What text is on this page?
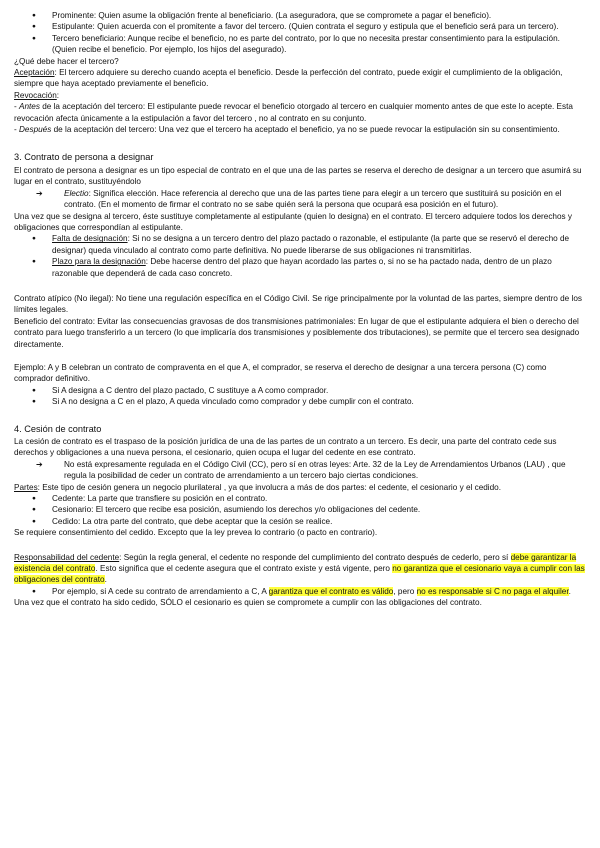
● Prominente: Quien asume la obligación frente al beneficiario. (La aseguradora, que se compromete a pagar el beneficio).

● Estipulante: Quien acuerda con el promitente a favor del tercero. (Quien contrata el seguro y estipula que el beneficio será para un tercero).

● Tercero beneficiario: Aunque recibe el beneficio, no es parte del contrato, por lo que no necesita prestar consentimiento para la estipulación. (Quien recibe el beneficio. Por ejemplo, los hijos del asegurado).

¿Qué debe hacer el tercero?

Aceptación: El tercero adquiere su derecho cuando acepta el beneficio. Desde la perfección del contrato, puede exigir el cumplimiento de la obligación, siempre que haya aceptado previamente el beneficio.

Revocación:

- Antes de la aceptación del tercero: El estipulante puede revocar el beneficio otorgado al tercero en cualquier momento antes de que este lo acepte. Esta revocación afecta únicamente a la estipulación a favor del tercero , no al contrato en su conjunto.

- Después de la aceptación del tercero: Una vez que el tercero ha aceptado el beneficio, ya no se puede revocar la estipulación sin su consentimiento.

3. Contrato de persona a designar

El contrato de persona a designar es un tipo especial de contrato en el que una de las partes se reserva el derecho de designar a un tercero que asumirá su lugar en el contrato, sustituyéndolo

➔ Electio: Significa elección. Hace referencia al derecho que una de las partes tiene para elegir a un tercero que sustituirá su posición en el contrato. (En el momento de firmar el contrato no se sabe quién será la persona que ocupará esa posición en el futuro).

Una vez que se designa al tercero, éste sustituye completamente al estipulante (quien lo designa) en el contrato. El tercero adquiere todos los derechos y obligaciones que correspondían al estipulante.

● Falta de designación: Si no se designa a un tercero dentro del plazo pactado o razonable, el estipulante (la parte que se reservó el derecho de designar) queda vinculado al contrato como parte definitiva. No puede liberarse de sus obligaciones ni transmitirlas.

● Plazo para la designación: Debe hacerse dentro del plazo que hayan acordado las partes o, si no se ha pactado nada, dentro de un plazo razonable que dependerá de cada caso concreto.

Contrato atípico (No ilegal): No tiene una regulación específica en el Código Civil. Se rige principalmente por la voluntad de las partes, siempre dentro de los límites legales.

Beneficio del contrato: Evitar las consecuencias gravosas de dos transmisiones patrimoniales: En lugar de que el estipulante adquiera el bien o derecho del contrato para luego transferirlo a un tercero (lo que implicaría dos transmisiones y posiblemente dos tributaciones), se permite que el tercero sea designado directamente.

Ejemplo: A y B celebran un contrato de compraventa en el que A, el comprador, se reserva el derecho de designar a una tercera persona (C) como comprador definitivo.

● Si A designa a C dentro del plazo pactado, C sustituye a A como comprador.

● Si A no designa a C en el plazo, A queda vinculado como comprador y debe cumplir con el contrato.

4. Cesión de contrato

La cesión de contrato es el traspaso de la posición jurídica de una de las partes de un contrato a un tercero. Es decir, una parte del contrato cede sus derechos y obligaciones a una nueva persona, el cesionario, quien ocupa el lugar del cedente en ese contrato.

➔ No está expresamente regulada en el Código Civil (CC), pero sí en otras leyes: Arte. 32 de la Ley de Arrendamientos Urbanos (LAU) , que regula la posibilidad de ceder un contrato de arrendamiento a un tercero bajo ciertas condiciones.

Partes: Este tipo de cesión genera un negocio plurilateral , ya que involucra a más de dos partes: el cedente, el cesionario y el cedido.

● Cedente: La parte que transfiere su posición en el contrato.

● Cesionario: El tercero que recibe esa posición, asumiendo los derechos y/o obligaciones del cedente.

● Cedido: La otra parte del contrato, que debe aceptar que la cesión se realice.

Se requiere consentimiento del cedido. Excepto que la ley prevea lo contrario (o pacto en contrario).

Responsabilidad del cedente: Según la regla general, el cedente no responde del cumplimiento del contrato después de cederlo, pero sí debe garantizar la existencia del contrato. Esto significa que el cedente asegura que el contrato existe y está vigente, pero no garantiza que el cesionario vaya a cumplir con las obligaciones del contrato.

● Por ejemplo, si A cede su contrato de arrendamiento a C, A garantiza que el contrato es válido, pero no es responsable si C no paga el alquiler.

Una vez que el contrato ha sido cedido, SÓLO el cesionario es quien se compromete a cumplir con las obligaciones del contrato.
